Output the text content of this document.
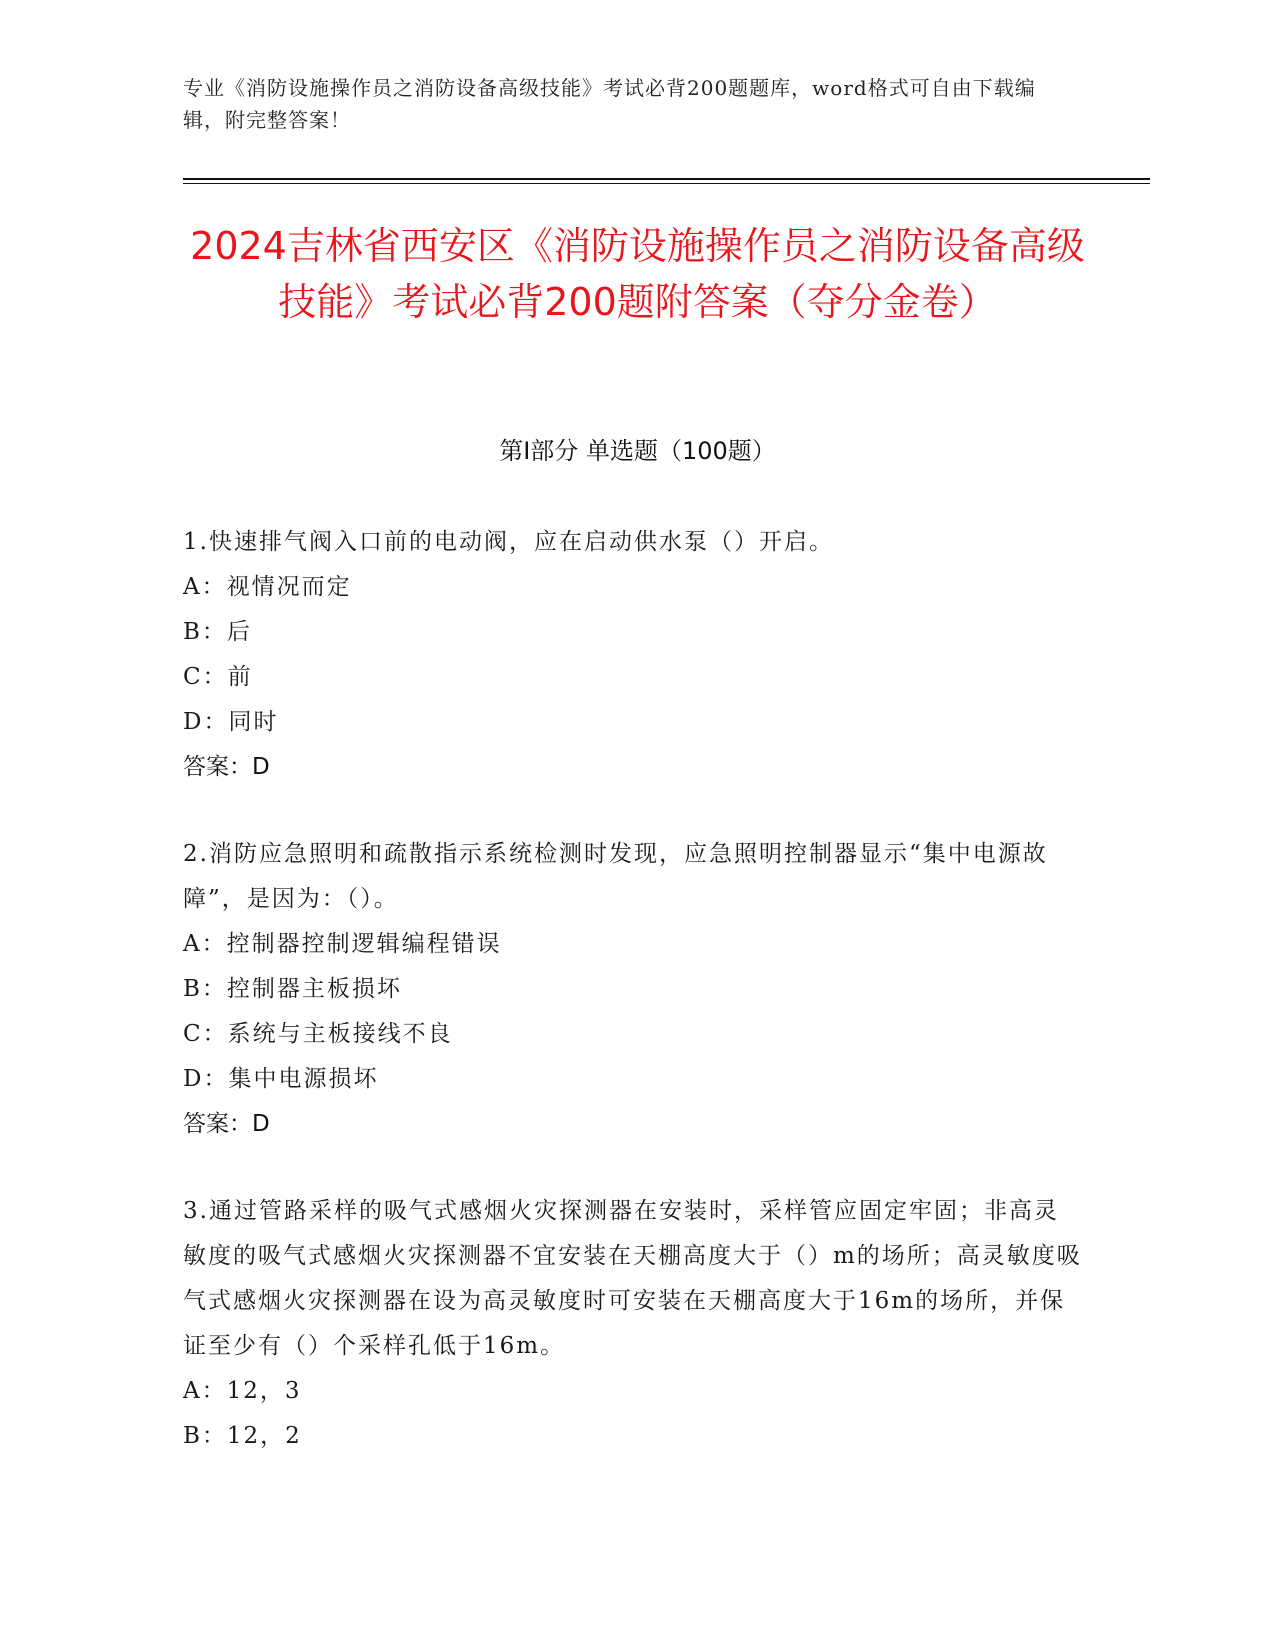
专业《消防设施操作员之消防设备高级技能》考试必背200题题库，word格式可自由下载编辑，附完整答案！
2024吉林省西安区《消防设施操作员之消防设备高级技能》考试必背200题附答案（夺分金卷）
第I部分 单选题（100题）
1.快速排气阀入口前的电动阀，应在启动供水泵（）开启。
A：视情况而定
B：后
C：前
D：同时
答案：D
2.消防应急照明和疏散指示系统检测时发现，应急照明控制器显示“集中电源故障”，是因为：（）。
A：控制器控制逻辑编程错误
B：控制器主板损坏
C：系统与主板接线不良
D：集中电源损坏
答案：D
3.通过管路采样的吸气式感烟火灾探测器在安装时，采样管应固定牢固；非高灵敏度的吸气式感烟火灾探测器不宜安装在天棚高度大于（）m的场所；高灵敏度吸气式感烟火灾探测器在设为高灵敏度时可安装在天棚高度大于16m的场所，并保证至少有（）个采样孔低于16m。
A：12，3
B：12，2
